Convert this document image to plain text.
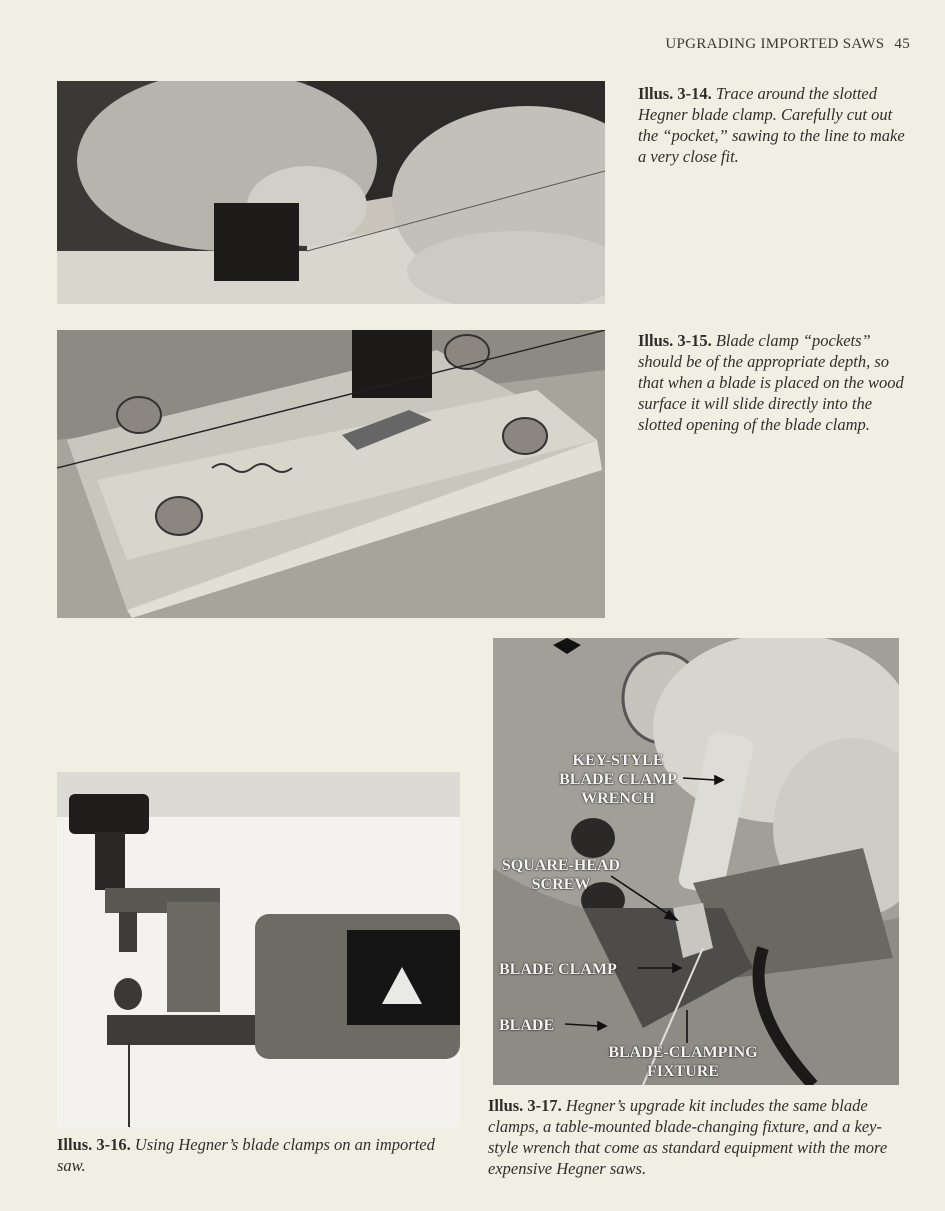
UPGRADING IMPORTED SAWS 45
Illus. 3-14. Trace around the slotted Hegner blade clamp. Carefully cut out the “pocket,” sawing to the line to make a very close fit.
Illus. 3-15. Blade clamp “pockets” should be of the appropriate depth, so that when a blade is placed on the wood surface it will slide directly into the slotted opening of the blade clamp.
Illus. 3-16. Using Hegner’s blade clamps on an imported saw.
KEY-STYLE
BLADE CLAMP
WRENCH
SQUARE-HEAD
SCREW
BLADE CLAMP
BLADE
BLADE-CLAMPING
FIXTURE
Illus. 3-17. Hegner’s upgrade kit includes the same blade clamps, a table-mounted blade-changing fixture, and a key-style wrench that come as standard equipment with the more expensive Hegner saws.
